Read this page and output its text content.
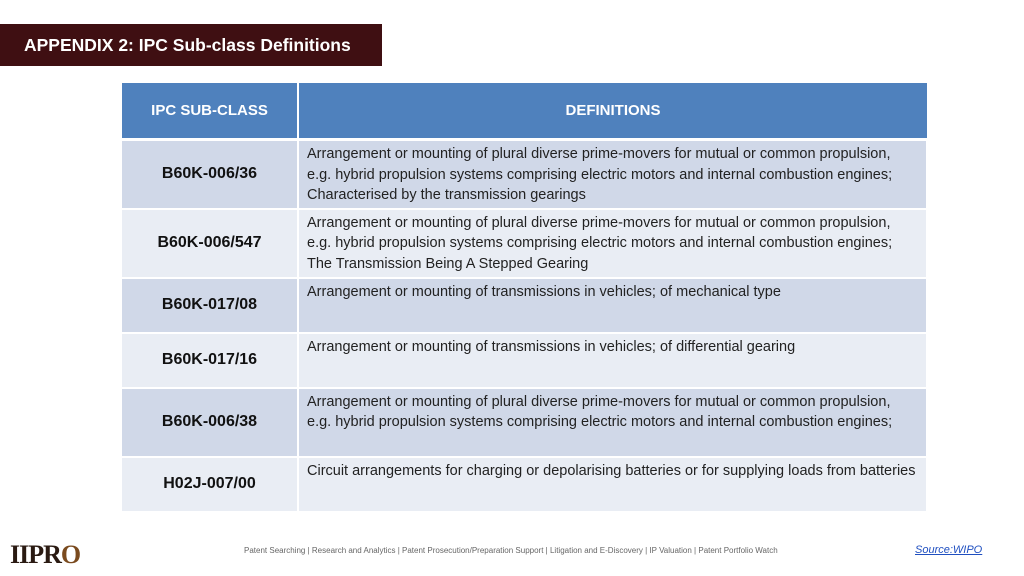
APPENDIX 2: IPC Sub-class Definitions
IPC SUB-CLASS	DEFINITIONS
B60K-006/36	Arrangement or mounting of plural diverse prime-movers for mutual or common propulsion, e.g. hybrid propulsion systems comprising electric motors and internal combustion engines; Characterised by the transmission gearings
B60K-006/547	Arrangement or mounting of plural diverse prime-movers for mutual or common propulsion, e.g. hybrid propulsion systems comprising electric motors and internal combustion engines; The Transmission Being A Stepped Gearing
B60K-017/08	Arrangement or mounting of transmissions in vehicles; of mechanical type
B60K-017/16	Arrangement or mounting of transmissions in vehicles; of differential gearing
B60K-006/38	Arrangement or mounting of plural diverse prime-movers for mutual or common propulsion, e.g. hybrid propulsion systems comprising electric motors and internal combustion engines;
H02J-007/00	Circuit arrangements for charging or depolarising batteries or for supplying loads from batteries
IIPRO	Patent Searching | Research and Analytics | Patent Prosecution/Preparation Support | Litigation and E-Discovery | IP Valuation | Patent Portfolio Watch	Source:WIPO
